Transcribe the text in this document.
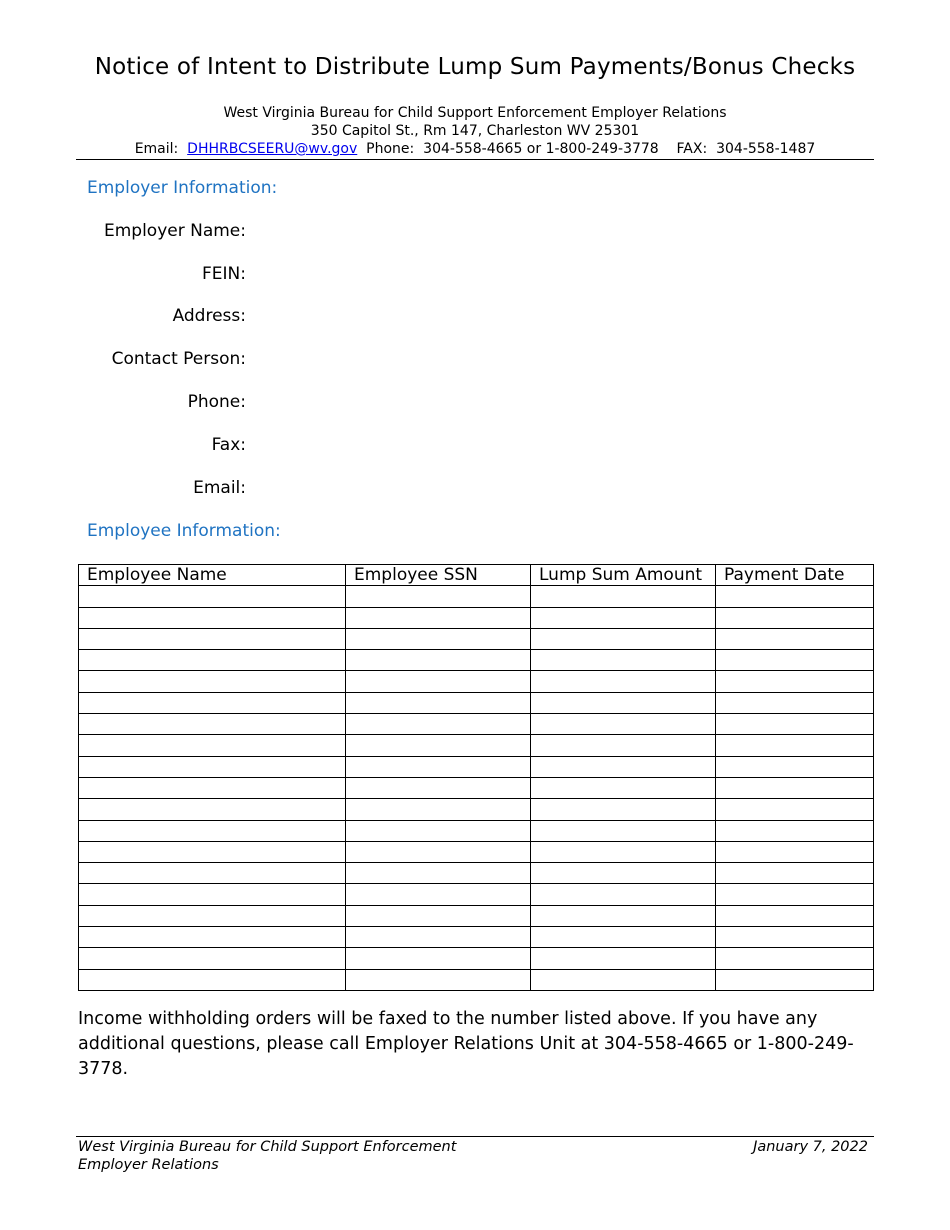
Notice of Intent to Distribute Lump Sum Payments/Bonus Checks
West Virginia Bureau for Child Support Enforcement Employer Relations
350 Capitol St., Rm 147, Charleston WV 25301
Email: DHHRBCSEERU@wv.gov Phone: 304-558-4665 or 1-800-249-3778 FAX: 304-558-1487
Employer Information:
Employer Name:
FEIN:
Address:
Contact Person:
Phone:
Fax:
Email:
Employee Information:
Employee Name	Employee SSN	Lump Sum Amount	Payment Date

Income withholding orders will be faxed to the number listed above. If you have any additional questions, please call Employer Relations Unit at 304-558-4665 or 1-800-249-3778.
West Virginia Bureau for Child Support Enforcement
Employer Relations
January 7, 2022
